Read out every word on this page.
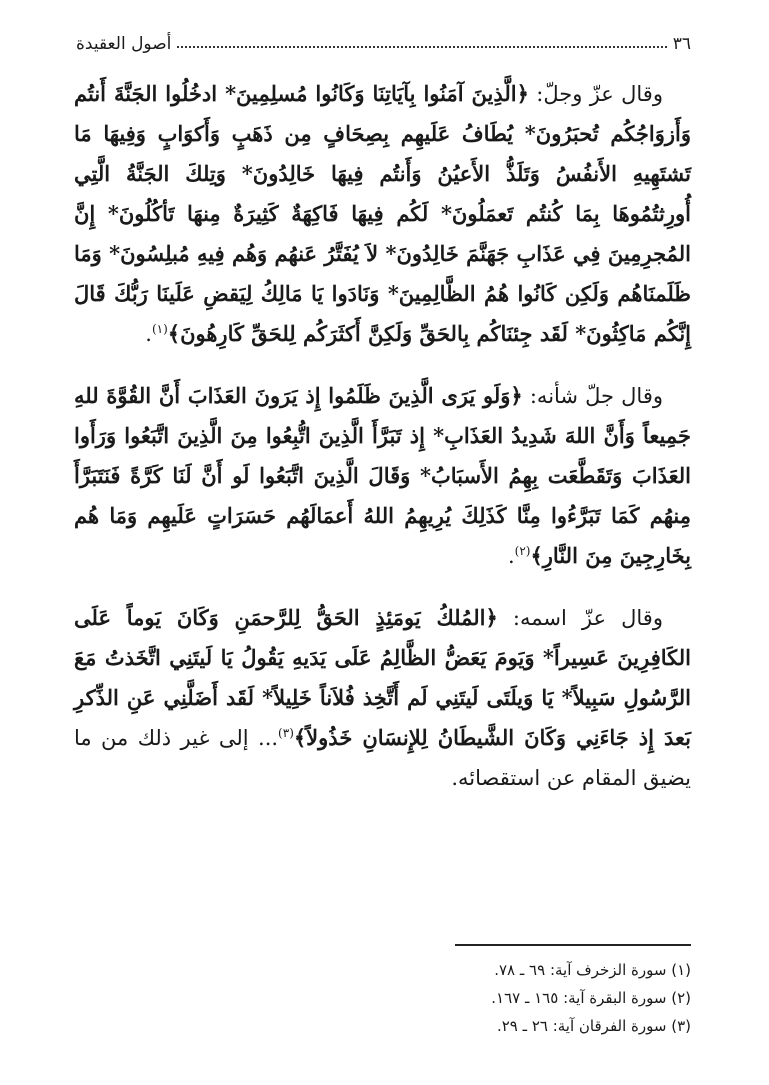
٣٦
أصول العقيدة

وقال عزّ وجلّ: ﴿الَّذِينَ آمَنُوا بِآيَاتِنَا وَكَانُوا مُسلِمِينَ* ادخُلُوا الجَنَّةَ أَنتُم وَأَزوَاجُكُم تُحبَرُونَ* يُطَافُ عَلَيهِم بِصِحَافٍ مِن ذَهَبٍ وَأَكوَابٍ وَفِيهَا مَا تَشتَهِيهِ الأَنفُسُ وَتَلَذُّ الأَعيُنُ وَأَنتُم فِيهَا خَالِدُونَ* وَتِلكَ الجَنَّةُ الَّتِي أُورِثتُمُوهَا بِمَا كُنتُم تَعمَلُونَ* لَكُم فِيهَا فَاكِهَةٌ كَثِيرَةٌ مِنهَا تَأكُلُونَ* إِنَّ المُجرِمِينَ فِي عَذَابِ جَهَنَّمَ خَالِدُونَ* لاَ يُفَتَّرُ عَنهُم وَهُم فِيهِ مُبلِسُونَ* وَمَا ظَلَمنَاهُم وَلَكِن كَانُوا هُمُ الظَّالِمِينَ* وَنَادَوا يَا مَالِكُ لِيَقضِ عَلَينَا رَبُّكَ قَالَ إِنَّكُم مَاكِثُونَ* لَقَد جِئنَاكُم بِالحَقِّ وَلَكِنَّ أَكثَرَكُم لِلحَقِّ كَارِهُونَ﴾$^{(١)}$.

وقال جلّ شأنه: ﴿وَلَو يَرَى الَّذِينَ ظَلَمُوا إِذ يَرَونَ العَذَابَ أَنَّ القُوَّةَ للهِ جَمِيعاً وَأَنَّ اللهَ شَدِيدُ العَذَابِ* إِذ تَبَرَّأَ الَّذِينَ اتُّبِعُوا مِنَ الَّذِينَ اتَّبَعُوا وَرَأَوا العَذَابَ وَتَقَطَّعَت بِهِمُ الأَسبَابُ* وَقَالَ الَّذِينَ اتَّبَعُوا لَو أَنَّ لَنَا كَرَّةً فَنَتَبَرَّأَ مِنهُم كَمَا تَبَرَّءُوا مِنَّا كَذَلِكَ يُرِيهِمُ اللهُ أَعمَالَهُم حَسَرَاتٍ عَلَيهِم وَمَا هُم بِخَارِجِينَ مِنَ النَّارِ﴾$^{(٢)}$.

وقال عزّ اسمه: ﴿المُلكُ يَومَئِذٍ الحَقُّ لِلرَّحمَنِ وَكَانَ يَوماً عَلَى الكَافِرِينَ عَسِيراً* وَيَومَ يَعَضُّ الظَّالِمُ عَلَى يَدَيهِ يَقُولُ يَا لَيتَنِي اتَّخَذتُ مَعَ الرَّسُولِ سَبِيلاً* يَا وَيلَتَى لَيتَنِي لَم أَتَّخِذ فُلاَناً خَلِيلاً* لَقَد أَضَلَّنِي عَنِ الذِّكرِ بَعدَ إِذ جَاءَنِي وَكَانَ الشَّيطَانُ لِلإِنسَانِ خَذُولاً﴾$^{(٣)}$... إلى غير ذلك من ما يضيق المقام عن استقصائه.

(١) سورة الزخرف آية: ٦٩ ـ ٧٨.
(٢) سورة البقرة آية: ١٦٥ ـ ١٦٧.
(٣) سورة الفرقان آية: ٢٦ ـ ٢٩.
